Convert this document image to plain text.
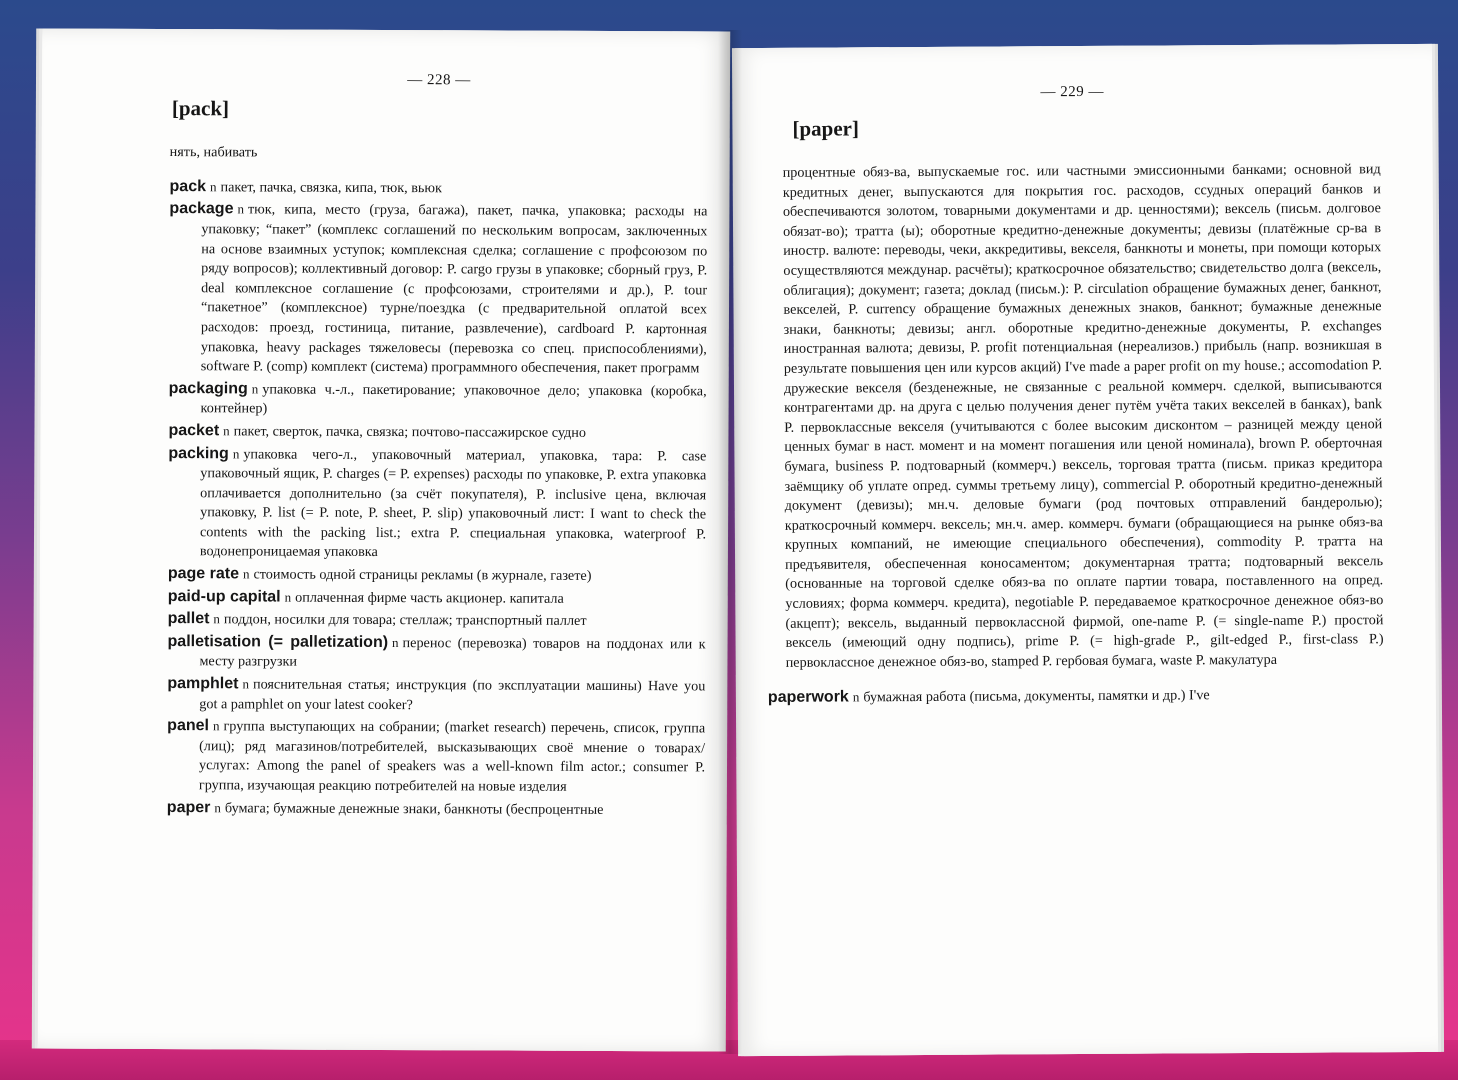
— 228 —
[pack]

нять, набивать

pack n пакет, пачка, связка, кипа, тюк, вьюк

package n тюк, кипа, место (груза, багажа), пакет, пачка, упаковка; расходы на упаковку; “пакет” (комплекс соглашений по нескольким вопросам, заключенных на основе взаимных уступок; комплексная сделка; соглашение с профсоюзом по ряду вопросов); коллективный договор: P. cargo грузы в упаковке; сборный груз, P. deal комплексное соглашение (с профсоюзами, строителями и др.), P. tour “пакетное” (комплексное) турне/поездка (с предварительной оплатой всех расходов: проезд, гостиница, питание, развлечение), cardboard P. картонная упаковка, heavy packages тяжеловесы (перевозка со спец. приспособлениями), software P. (comp) комплект (система) программного обеспечения, пакет программ

packaging n упаковка ч.-л., пакетирование; упаковочное дело; упаковка (коробка, контейнер)

packet n пакет, сверток, пачка, связка; почтово-пассажирское судно

packing n упаковка чего-л., упаковочный материал, упаковка, тара: P. case упаковочный ящик, P. charges (= P. expenses) расходы по упаковке, P. extra упаковка оплачивается дополнительно (за счёт покупателя), P. inclusive цена, включая упаковку, P. list (= P. note, P. sheet, P. slip) упаковочный лист: I want to check the contents with the packing list.; extra P. специальная упаковка, waterproof P. водонепроницаемая упаковка

page rate n стоимость одной страницы рекламы (в журнале, газете)

paid-up capital n оплаченная фирме часть акционер. капитала

pallet n поддон, носилки для товара; стеллаж; транспортный паллет

palletisation (= palletization) n перенос (перевозка) товаров на поддонах или к месту разгрузки

pamphlet n пояснительная статья; инструкция (по эксплуатации машины) Have you got a pamphlet on your latest cooker?

panel n группа выступающих на собрании; (market research) перечень, список, группа (лиц); ряд магазинов/потребителей, высказывающих своё мнение о товарах/услугах: Among the panel of speakers was a well-known film actor.; consumer P. группа, изучающая реакцию потребителей на новые изделия

paper n бумага; бумажные денежные знаки, банкноты (беспроцентные

— 229 —
[paper]

процентные обяз-ва, выпускаемые гос. или частными эмиссионными банками; основной вид кредитных денег, выпускаются для покрытия гос. расходов, ссудных операций банков и обеспечиваются золотом, товарными документами и др. ценностями); вексель (письм. долговое обязат-во); тратта (ы); оборотные кредитно-денежные документы; девизы (платёжные ср-ва в иностр. валюте: переводы, чеки, аккредитивы, векселя, банкноты и монеты, при помощи которых осуществляются междунар. расчёты); краткосрочное обязательство; свидетельство долга (вексель, облигация); документ; газета; доклад (письм.): P. circulation обращение бумажных денег, банкнот, векселей, P. currency обращение бумажных денежных знаков, банкнот; бумажные денежные знаки, банкноты; девизы; англ. оборотные кредитно-денежные документы, P. exchanges иностранная валюта; девизы, P. profit потенциальная (нереализов.) прибыль (напр. возникшая в результате повышения цен или курсов акций) I've made a paper profit on my house.; accomodation P. дружеские векселя (безденежные, не связанные с реальной коммерч. сделкой, выписываются контрагентами др. на друга с целью получения денег путём учёта таких векселей в банках), bank P. первоклассные векселя (учитываются с более высоким дисконтом – разницей между ценой ценных бумаг в наст. момент и на момент погашения или ценой номинала), brown P. оберточная бумага, business P. подтоварный (коммерч.) вексель, торговая тратта (письм. приказ кредитора заёмщику об уплате опред. суммы третьему лицу), commercial P. оборотный кредитно-денежный документ (девизы); мн.ч. деловые бумаги (род почтовых отправлений бандеролью); краткосрочный коммерч. вексель; мн.ч. амер. коммерч. бумаги (обращающиеся на рынке обяз-ва крупных компаний, не имеющие специального обеспечения), commodity P. тратта на предъявителя, обеспеченная коносаментом; документарная тратта; подтоварный вексель (основанные на торговой сделке обяз-ва по оплате партии товара, поставленного на опред. условиях; форма коммерч. кредита), negotiable P. передаваемое краткосрочное денежное обяз-во (акцепт); вексель, выданный первоклассной фирмой, one-name P. (= single-name P.) простой вексель (имеющий одну подпись), prime P. (= high-grade P., gilt-edged P., first-class P.) первоклассное денежное обяз-во, stamped P. гербовая бумага, waste P. макулатура

paperwork n бумажная работа (письма, документы, памятки и др.) I've
